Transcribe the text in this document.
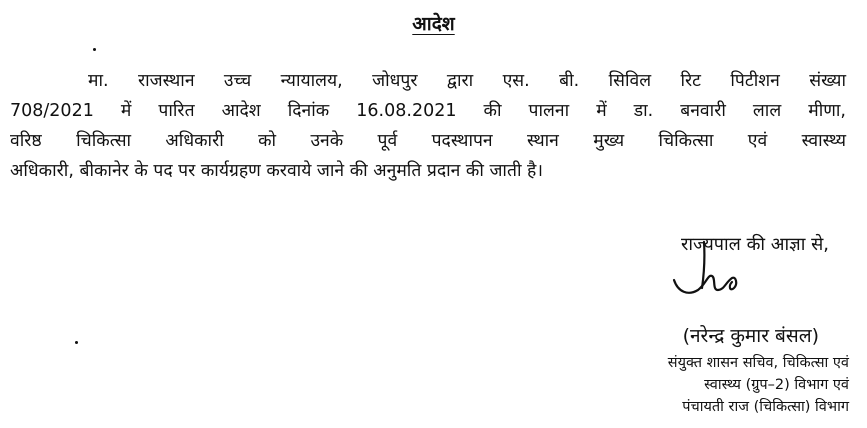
आदेश
मा. राजस्थान उच्च न्यायालय, जोधपुर द्वारा एस. बी. सिविल रिट पिटीशन संख्या
708/2021 में पारित आदेश दिनांक 16.08.2021 की पालना में डा. बनवारी लाल मीणा,
वरिष्ठ चिकित्सा अधिकारी को उनके पूर्व पदस्थापन स्थान मुख्य चिकित्सा एवं स्वास्थ्य
अधिकारी, बीकानेर के पद पर कार्यग्रहण करवाये जाने की अनुमति प्रदान की जाती है।
राज्यपाल की आज्ञा से,
(नरेन्द्र कुमार बंसल)
संयुक्त शासन सचिव, चिकित्सा एवं
स्वास्थ्य (ग्रुप–2) विभाग एवं
पंचायती राज (चिकित्सा) विभाग
